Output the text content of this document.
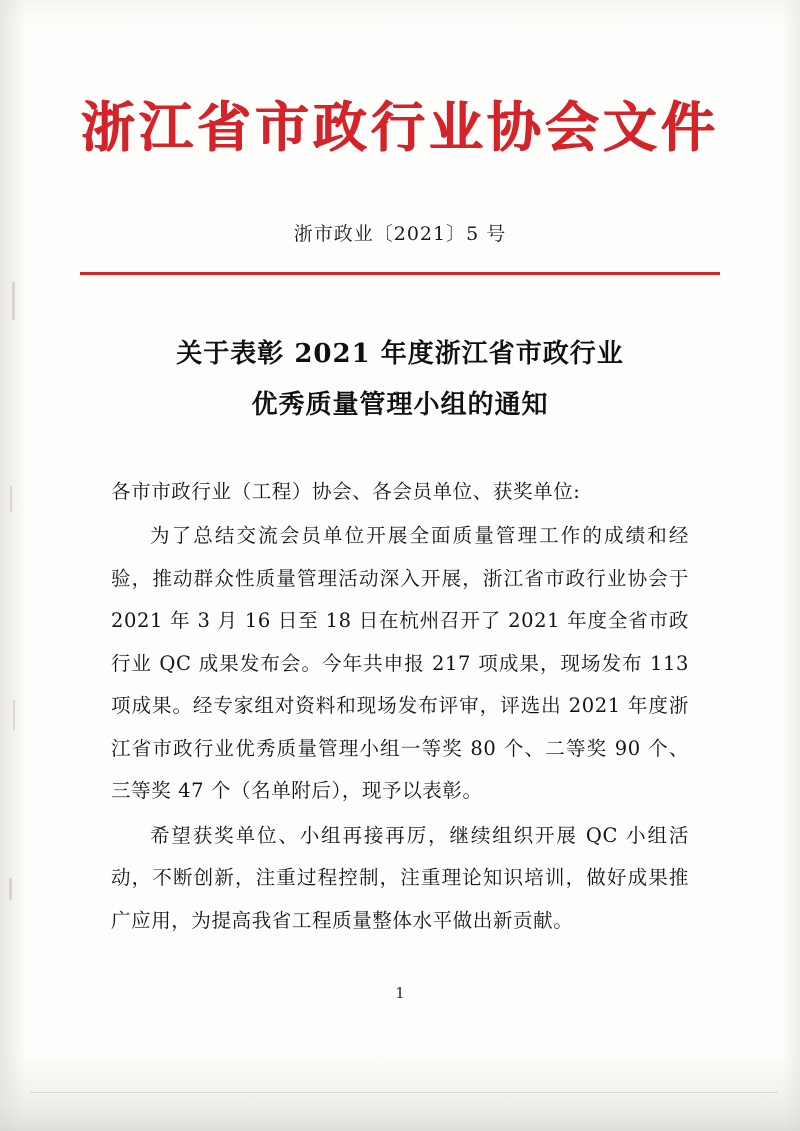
浙江省市政行业协会文件
浙市政业〔2021〕5 号
关于表彰 2021 年度浙江省市政行业
优秀质量管理小组的通知

各市市政行业（工程）协会、各会员单位、获奖单位:

为了总结交流会员单位开展全面质量管理工作的成绩和经验，推动群众性质量管理活动深入开展，浙江省市政行业协会于 2021 年 3 月 16 日至 18 日在杭州召开了 2021 年度全省市政行业 QC 成果发布会。今年共申报 217 项成果，现场发布 113 项成果。经专家组对资料和现场发布评审，评选出 2021 年度浙江省市政行业优秀质量管理小组一等奖 80 个、二等奖 90 个、三等奖 47 个（名单附后），现予以表彰。

希望获奖单位、小组再接再厉，继续组织开展 QC 小组活动，不断创新，注重过程控制，注重理论知识培训，做好成果推广应用，为提高我省工程质量整体水平做出新贡献。

1
